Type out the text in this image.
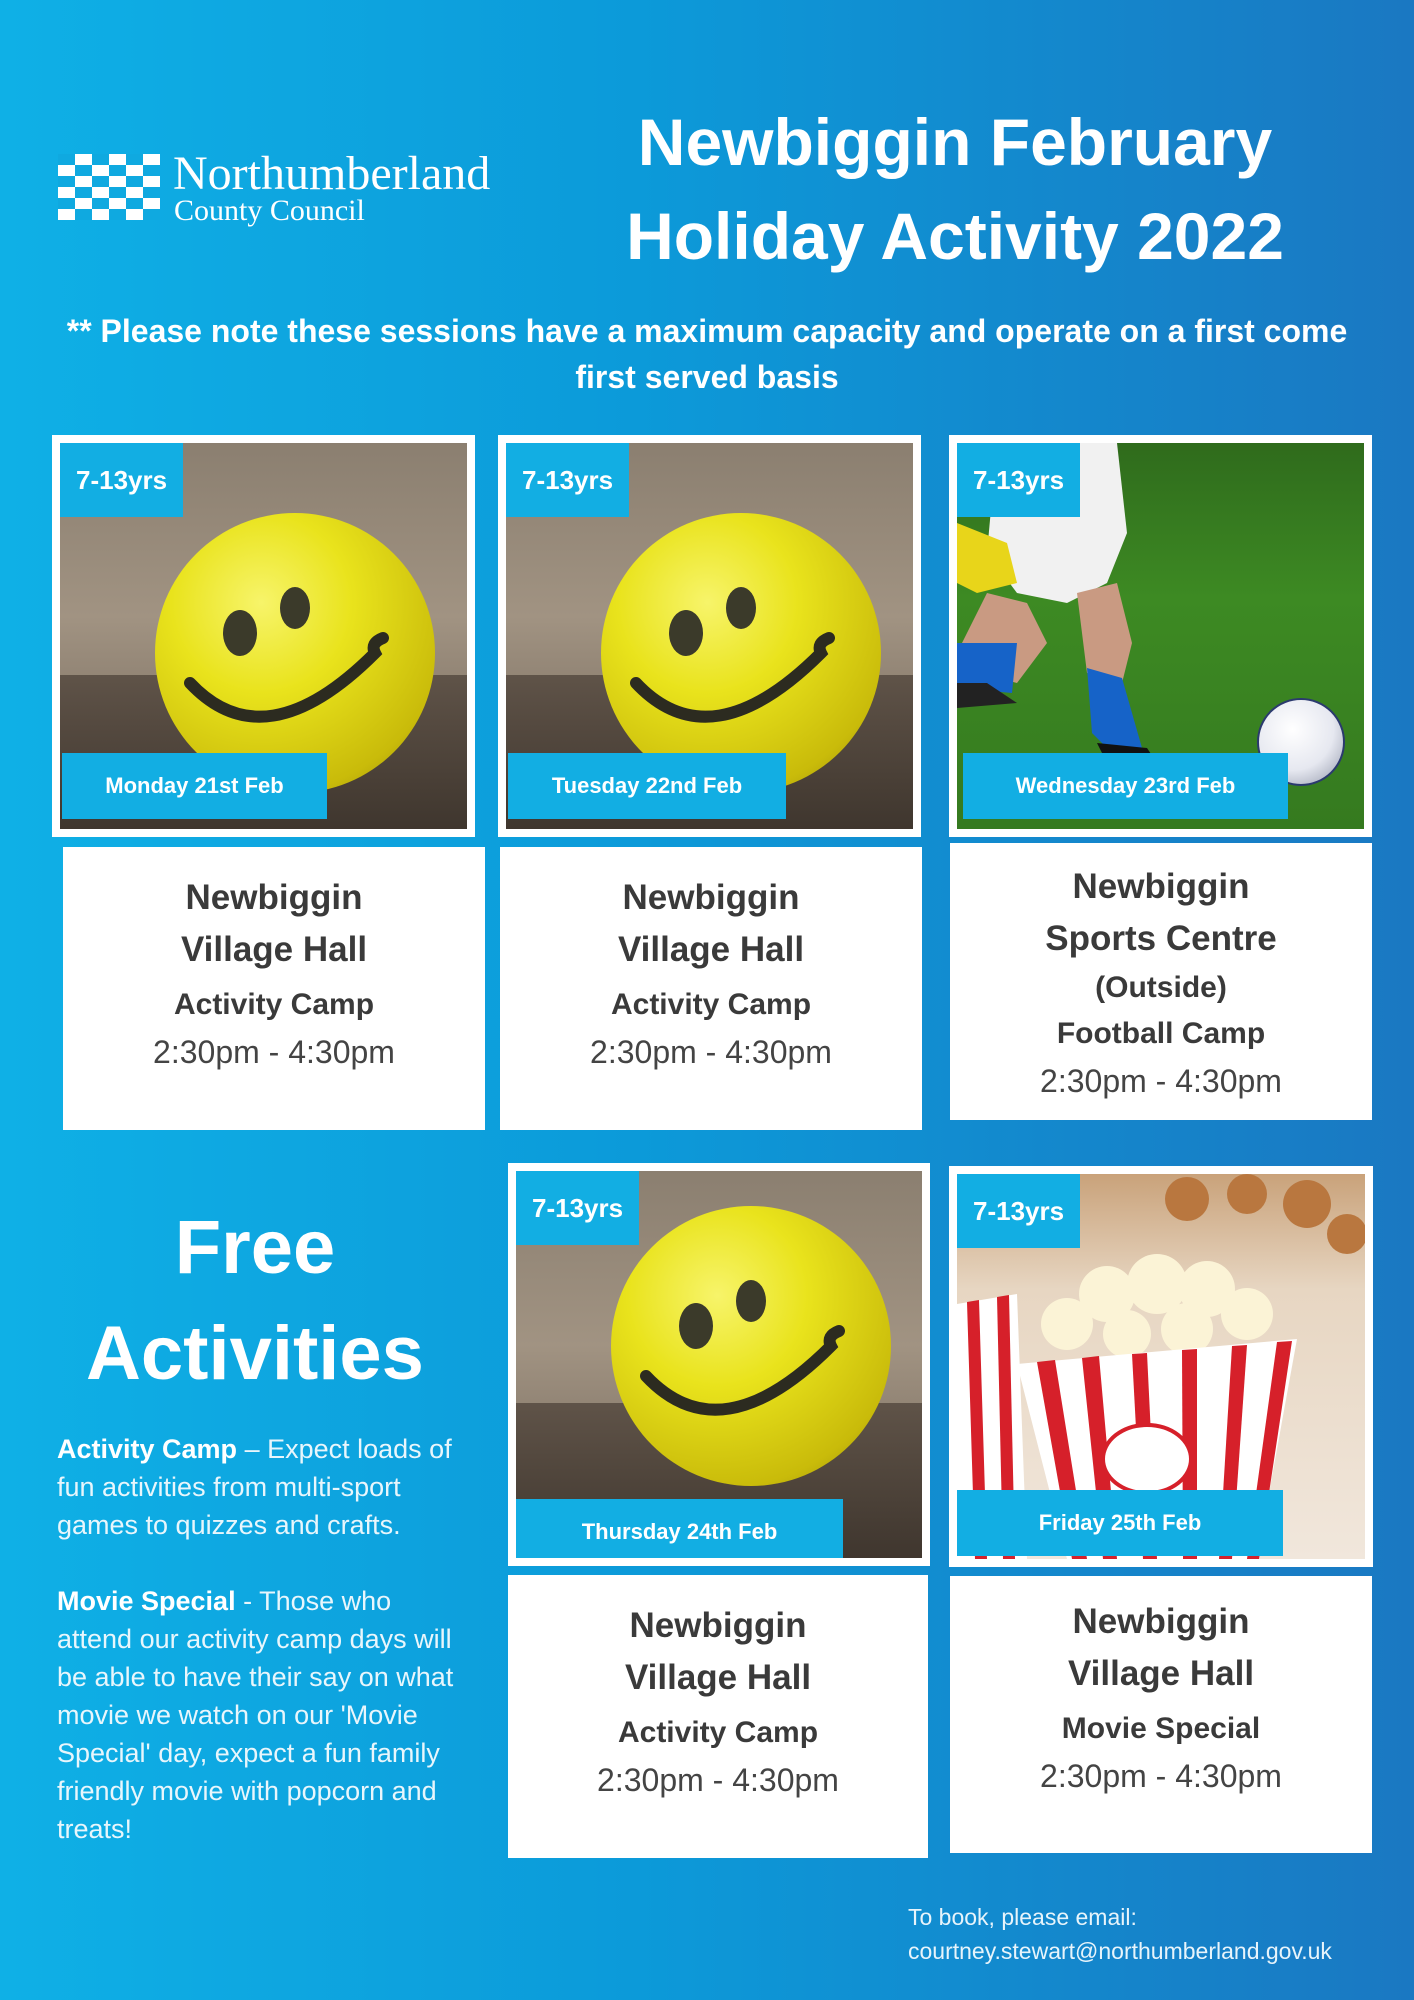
Northumberland
County Council
Newbiggin February
Holiday Activity 2022
** Please note these sessions have a maximum capacity and operate on a first come first served basis
7-13yrs
Monday 21st Feb
Newbiggin
Village Hall
Activity Camp
2:30pm - 4:30pm
7-13yrs
Tuesday 22nd Feb
Newbiggin
Village Hall
Activity Camp
2:30pm - 4:30pm
7-13yrs
Wednesday 23rd Feb
Newbiggin
Sports Centre
(Outside)
Football Camp
2:30pm - 4:30pm
Free
Activities
Activity Camp – Expect loads of fun activities from multi-sport games to quizzes and crafts.
Movie Special - Those who attend our activity camp days will be able to have their say on what movie we watch on our 'Movie Special' day, expect a fun family friendly movie with popcorn and treats!
7-13yrs
Thursday 24th Feb
Newbiggin
Village Hall
Activity Camp
2:30pm - 4:30pm
7-13yrs
Friday 25th Feb
Newbiggin
Village Hall
Movie Special
2:30pm - 4:30pm
To book, please email:
courtney.stewart@northumberland.gov.uk
